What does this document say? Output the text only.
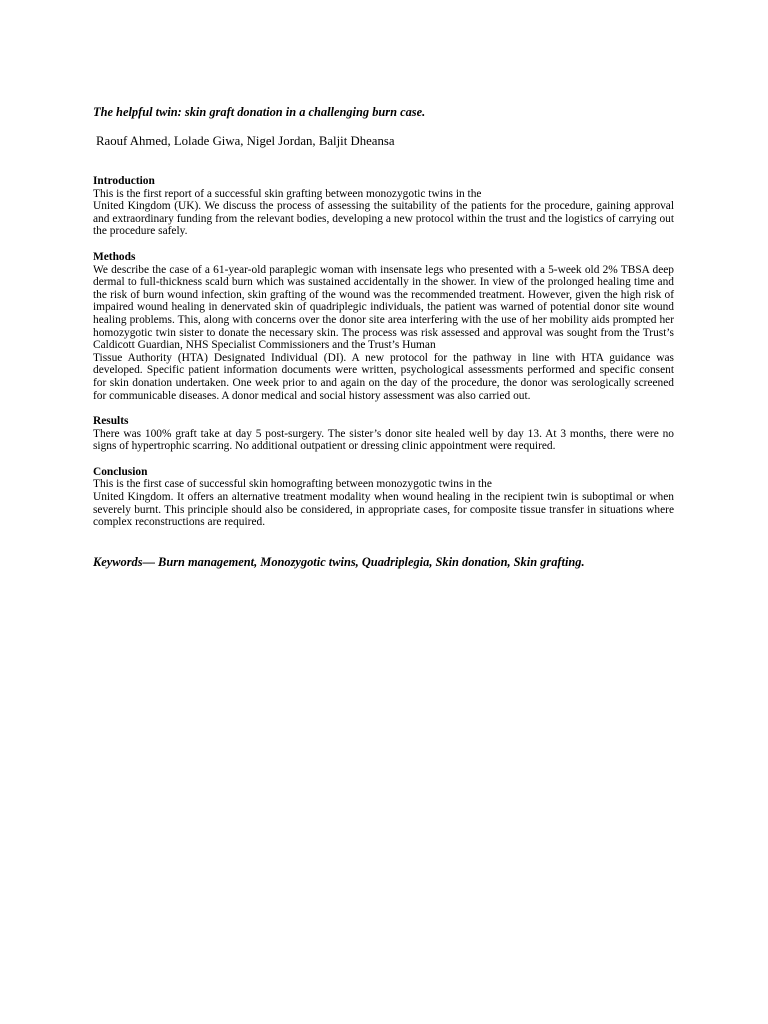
The helpful twin: skin graft donation in a challenging burn case.

Raouf Ahmed, Lolade Giwa, Nigel Jordan, Baljit Dheansa

Introduction

This is the first report of a successful skin grafting between monozygotic twins in the
United Kingdom (UK). We discuss the process of assessing the suitability of the patients for the procedure, gaining approval and extraordinary funding from the relevant bodies, developing a new protocol within the trust and the logistics of carrying out the procedure safely.

Methods

We describe the case of a 61-year-old paraplegic woman with insensate legs who presented with a 5-week old 2% TBSA deep dermal to full-thickness scald burn which was sustained accidentally in the shower. In view of the prolonged healing time and the risk of burn wound infection, skin grafting of the wound was the recommended treatment. However, given the high risk of impaired wound healing in denervated skin of quadriplegic individuals, the patient was warned of potential donor site wound healing problems. This, along with concerns over the donor site area interfering with the use of her mobility aids prompted her homozygotic twin sister to donate the necessary skin. The process was risk assessed and approval was sought from the Trust’s Caldicott Guardian, NHS Specialist Commissioners and the Trust’s Human
Tissue Authority (HTA) Designated Individual (DI). A new protocol for the pathway in line with HTA guidance was developed. Specific patient information documents were written, psychological assessments performed and specific consent for skin donation undertaken. One week prior to and again on the day of the procedure, the donor was serologically screened for communicable diseases. A donor medical and social history assessment was also carried out.

Results

There was 100% graft take at day 5 post-surgery. The sister’s donor site healed well by day 13. At 3 months, there were no signs of hypertrophic scarring. No additional outpatient or dressing clinic appointment were required.

Conclusion

This is the first case of successful skin homografting between monozygotic twins in the
United Kingdom. It offers an alternative treatment modality when wound healing in the recipient twin is suboptimal or when severely burnt. This principle should also be considered, in appropriate cases, for composite tissue transfer in situations where complex reconstructions are required.

Keywords— Burn management, Monozygotic twins, Quadriplegia, Skin donation, Skin grafting.
